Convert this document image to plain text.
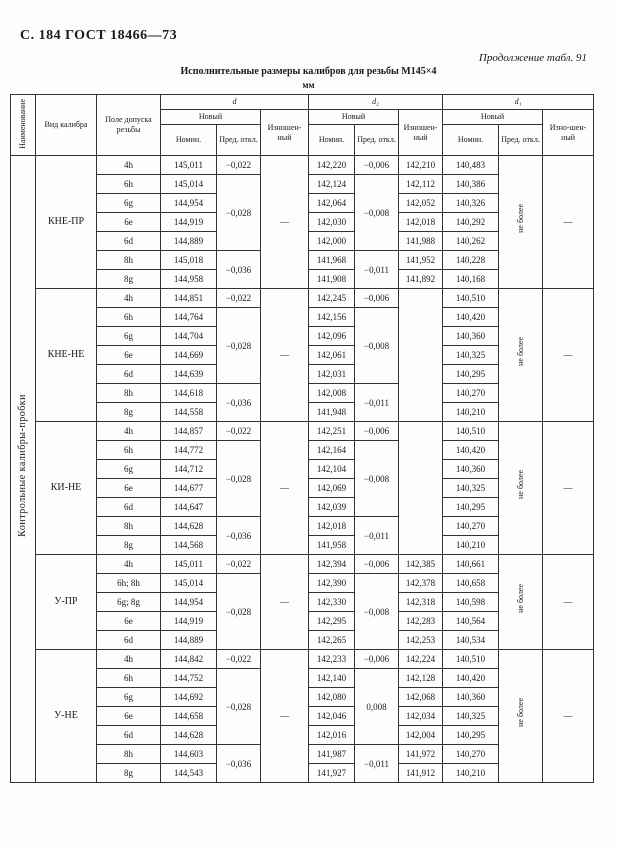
С. 184 ГОСТ 18466—73
Продолжение табл. 91
Исполнительные размеры калибров для резьбы М145×4
мм
Наименование	Вид калибра	Поле допуска резьбы	d			d₂			d₁		
			Новый		Изношен-ный	Новый		Изношен-ный	Новый		Изно-шен-ный
			Номин.	Пред. откл.		Номин.	Пред. откл.		Номин.	Пред. откл.	
Контрольные калибры-пробки	КНЕ-ПР	4h	145,011	−0,022	—	142,220	−0,006	142,210	140,483	не более	—
		6h	145,014	−0,028		142,124	−0,008	142,112	140,386		
		6g	144,954			142,064		142,052	140,326		
		6e	144,919			142,030		142,018	140,292		
		6d	144,889			142,000		141,988	140,262		
		8h	145,018	−0,036		141,968	−0,011	141,952	140,228		
		8g	144,958			141,908		141,892	140,168		
	КНЕ-НЕ	4h	144,851	−0,022	—	142,245	−0,006		140,510	не более	—
		6h	144,764	−0,028		142,156	−0,008		140,420		
		6g	144,704			142,096			140,360		
		6e	144,669			142,061			140,325		
		6d	144,639			142,031			140,295		
		8h	144,618	−0,036		142,008	−0,011		140,270		
		8g	144,558			141,948			140,210		
	КИ-НЕ	4h	144,857	−0,022	—	142,251	−0,006		140,510	не более	—
		6h	144,772	−0,028		142,164	−0,008		140,420		
		6g	144,712			142,104			140,360		
		6e	144,677			142,069			140,325		
		6d	144,647			142,039			140,295		
		8h	144,628	−0,036		142,018	−0,011		140,270		
		8g	144,568			141,958			140,210		
	У-ПР	4h	145,011	−0,022	—	142,394	−0,006	142,385	140,661	не более	—
		6h; 8h	145,014	−0,028		142,390	−0,008	142,378	140,658		
		6g; 8g	144,954			142,330		142,318	140,598		
		6e	144,919			142,295		142,283	140,564		
		6d	144,889			142,265		142,253	140,534		
	У-НЕ	4h	144,842	−0,022	—	142,233	−0,006	142,224	140,510	не более	—
		6h	144,752	−0,028		142,140	0,008	142,128	140,420		
		6g	144,692			142,080		142,068	140,360		
		6e	144,658			142,046		142,034	140,325		
		6d	144,628			142,016		142,004	140,295		
		8h	144,603	−0,036		141,987	−0,011	141,972	140,270		
		8g	144,543			141,927		141,912	140,210		
